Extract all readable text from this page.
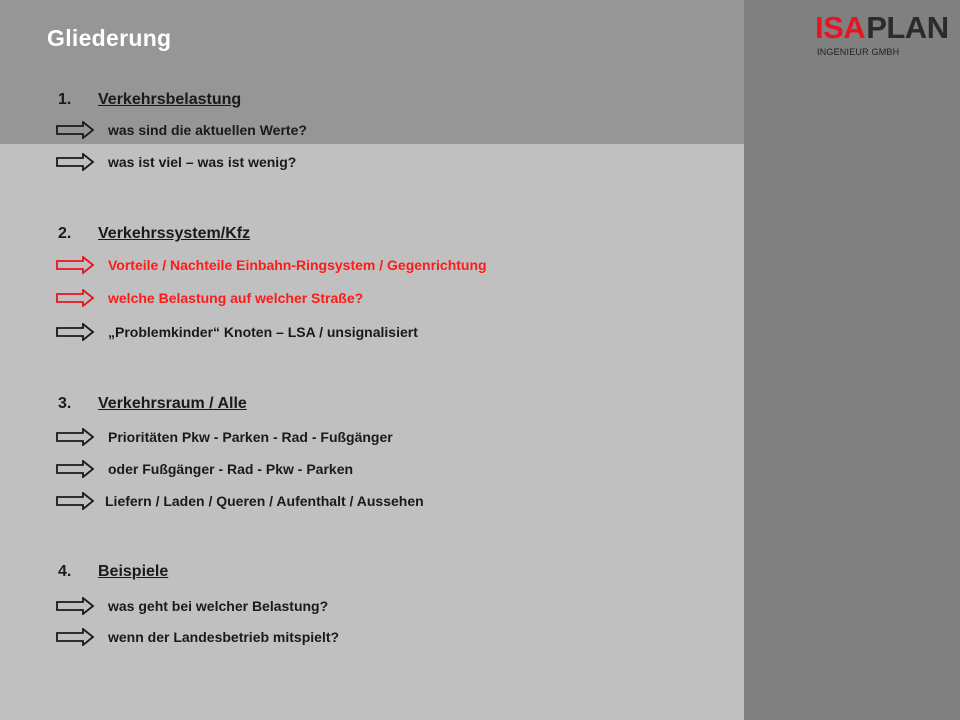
Gliederung	ISAPLAN
INGENIEUR GMBH
1. Verkehrsbelastung
was sind die aktuellen Werte?
was ist viel – was ist wenig?
2. Verkehrssystem/Kfz
Vorteile / Nachteile Einbahn-Ringsystem / Gegenrichtung
welche Belastung auf welcher Straße?
„Problemkinder“ Knoten – LSA / unsignalisiert
3. Verkehrsraum / Alle
Prioritäten Pkw - Parken - Rad - Fußgänger
oder Fußgänger - Rad - Pkw - Parken
Liefern / Laden / Queren / Aufenthalt / Aussehen
4. Beispiele
was geht bei welcher Belastung?
wenn der Landesbetrieb mitspielt?
